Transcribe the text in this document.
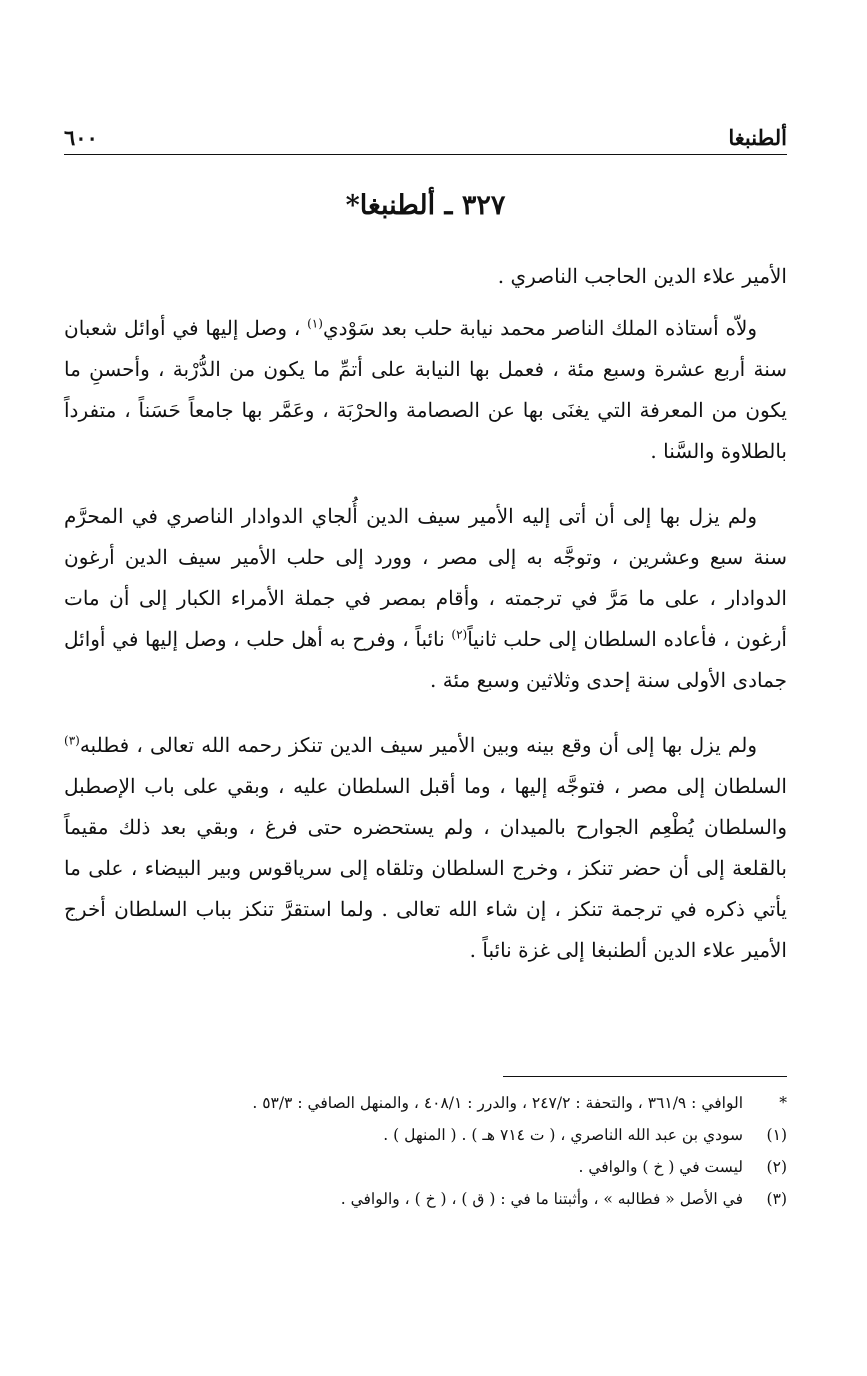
ألطنبغا
٦٠٠
٣٢٧ ـ ألطنبغا*

الأمير علاء الدين الحاجب الناصري .

ولاّه أستاذه الملك الناصر محمد نيابة حلب بعد سَوْدي$^{(١)}$ ، وصل إليها في أوائل شعبان سنة أربع عشرة وسبع مئة ، فعمل بها النيابة على أتمِّ ما يكون من الدُّرْبة ، وأحسنِ ما يكون من المعرفة التي يغنَى بها عن الصصامة والحرْبَة ، وعَمَّر بها جامعاً حَسَناً ، متفرداً بالطلاوة والسَّنا .

ولم يزل بها إلى أن أتى إليه الأمير سيف الدين أُلجاي الدوادار الناصري في المحرَّم سنة سبع وعشرين ، وتوجَّه به إلى مصر ، وورد إلى حلب الأمير سيف الدين أرغون الدوادار ، على ما مَرَّ في ترجمته ، وأقام بمصر في جملة الأمراء الكبار إلى أن مات أرغون ، فأعاده السلطان إلى حلب ثانياً$^{(٢)}$ نائباً ، وفرح به أهل حلب ، وصل إليها في أوائل جمادى الأولى سنة إحدى وثلاثين وسبع مئة .

ولم يزل بها إلى أن وقع بينه وبين الأمير سيف الدين تنكز رحمه الله تعالى ، فطلبه$^{(٣)}$ السلطان إلى مصر ، فتوجَّه إليها ، وما أقبل السلطان عليه ، وبقي على باب الإصطبل والسلطان يُطْعِم الجوارح بالميدان ، ولم يستحضره حتى فرغ ، وبقي بعد ذلك مقيماً بالقلعة إلى أن حضر تنكز ، وخرج السلطان وتلقاه إلى سرياقوس وبير البيضاء ، على ما يأتي ذكره في ترجمة تنكز ، إن شاء الله تعالى . ولما استقرَّ تنكز بباب السلطان أخرج الأمير علاء الدين ألطنبغا إلى غزة نائباً .

*
الوافي : ٣٦١/٩ ، والتحفة : ٢٤٧/٢ ، والدرر : ٤٠٨/١ ، والمنهل الصافي : ٥٣/٣ .
(١)
سودي بن عبد الله الناصري ، ( ت ٧١٤ هـ ) . ( المنهل ) .
(٢)
ليست في ( خ ) والوافي .
(٣)
في الأصل « فطالبه » ، وأثبتنا ما في : ( ق ) ، ( خ ) ، والوافي .
